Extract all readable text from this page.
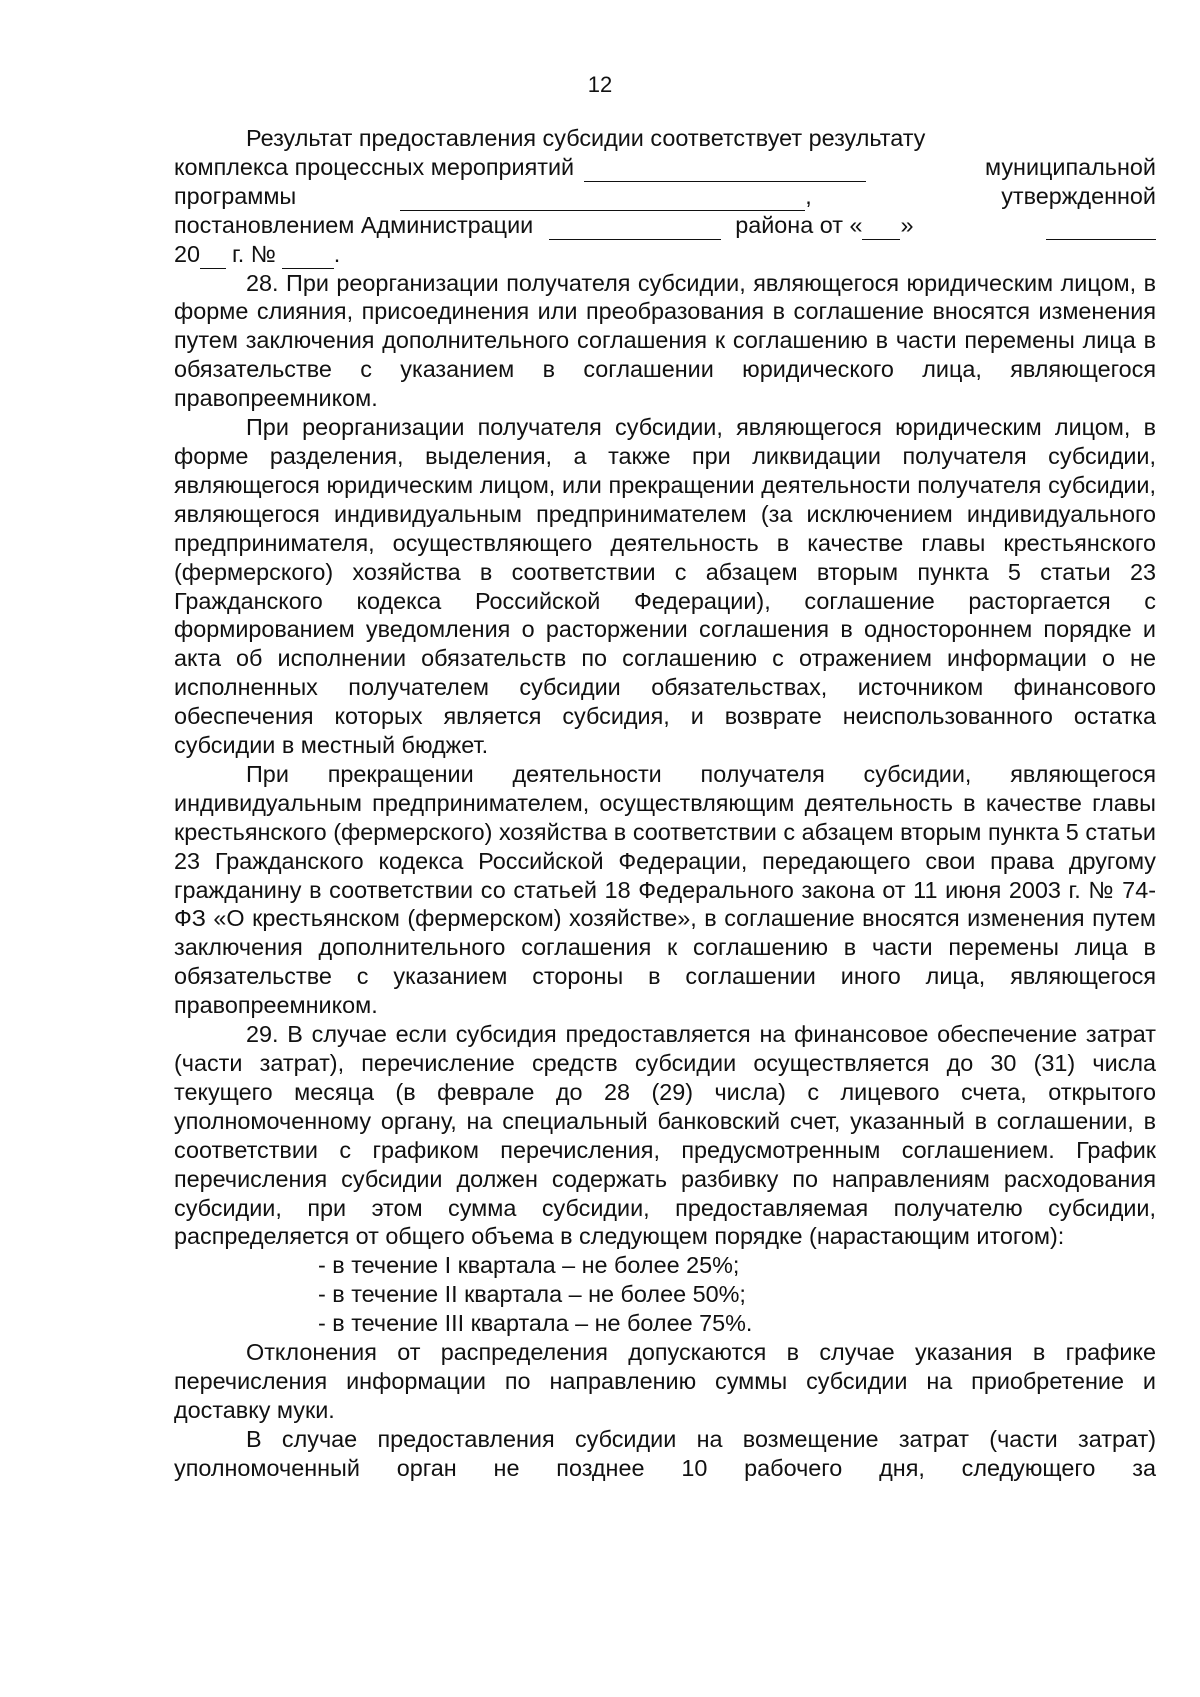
12

Результат предоставления субсидии соответствует результату

комплекса процессных мероприятий	муниципальной
программы	,	утвержденной
постановлением Администрации	района от « »
20 г. № .

28. При реорганизации получателя субсидии, являющегося юридическим лицом, в форме слияния, присоединения или преобразования в соглашение вносятся изменения путем заключения дополнительного соглашения к соглашению в части перемены лица в обязательстве с указанием в соглашении юридического лица, являющегося правопреемником.

При реорганизации получателя субсидии, являющегося юридическим лицом, в форме разделения, выделения, а также при ликвидации получателя субсидии, являющегося юридическим лицом, или прекращении деятельности получателя субсидии, являющегося индивидуальным предпринимателем (за исключением индивидуального предпринимателя, осуществляющего деятельность в качестве главы крестьянского (фермерского) хозяйства в соответствии с абзацем вторым пункта 5 статьи 23 Гражданского кодекса Российской Федерации), соглашение расторгается с формированием уведомления о расторжении соглашения в одностороннем порядке и акта об исполнении обязательств по соглашению с отражением информации о не исполненных получателем субсидии обязательствах, источником финансового обеспечения которых является субсидия, и возврате неиспользованного остатка субсидии в местный бюджет.

При прекращении деятельности получателя субсидии, являющегося индивидуальным предпринимателем, осуществляющим деятельность в качестве главы крестьянского (фермерского) хозяйства в соответствии с абзацем вторым пункта 5 статьи 23 Гражданского кодекса Российской Федерации, передающего свои права другому гражданину в соответствии со статьей 18 Федерального закона от 11 июня 2003 г. № 74-ФЗ «О крестьянском (фермерском) хозяйстве», в соглашение вносятся изменения путем заключения дополнительного соглашения к соглашению в части перемены лица в обязательстве с указанием стороны в соглашении иного лица, являющегося правопреемником.

29. В случае если субсидия предоставляется на финансовое обеспечение затрат (части затрат), перечисление средств субсидии осуществляется до 30 (31) числа текущего месяца (в феврале до 28 (29) числа) с лицевого счета, открытого уполномоченному органу, на специальный банковский счет, указанный в соглашении, в соответствии с графиком перечисления, предусмотренным соглашением. График перечисления субсидии должен содержать разбивку по направлениям расходования субсидии, при этом сумма субсидии, предоставляемая получателю субсидии, распределяется от общего объема в следующем порядке (нарастающим итогом):

- в течение I квартала – не более 25%;

- в течение II квартала – не более 50%;

- в течение III квартала – не более 75%.

Отклонения от распределения допускаются в случае указания в графике перечисления информации по направлению суммы субсидии на приобретение и доставку муки.

В случае предоставления субсидии на возмещение затрат (части затрат) уполномоченный орган не позднее 10 рабочего дня, следующего за
